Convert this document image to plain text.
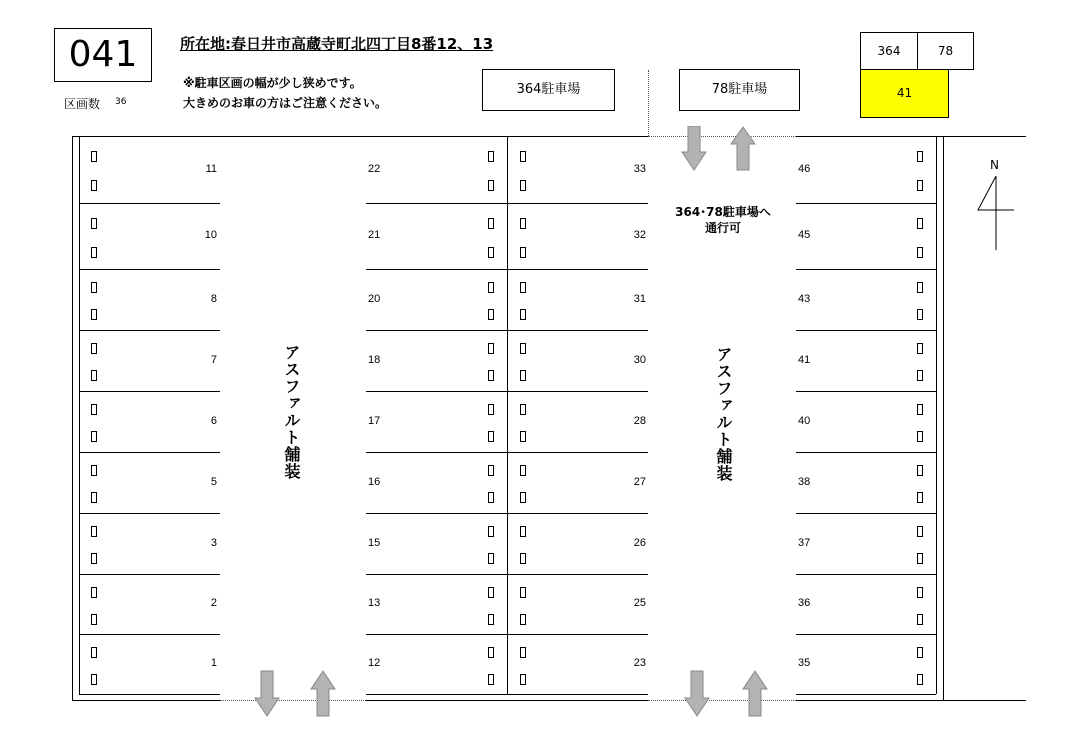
041
区画数 36
所在地:春日井市高蔵寺町北四丁目8番12、13
※駐車区画の幅が少し狭めです。
大きめのお車の方はご注意ください。
364駐車場	78駐車場
364	78
41
11
10
8
7
6
5
3
2
1
22
21
20
18
17
16
15
13
12
33
32
31
30
28
27
26
25
23
46
45
43
41
40
38
37
36
35
アスファルト舗装	アスファルト舗装
364･78駐車場へ
通行可
N
